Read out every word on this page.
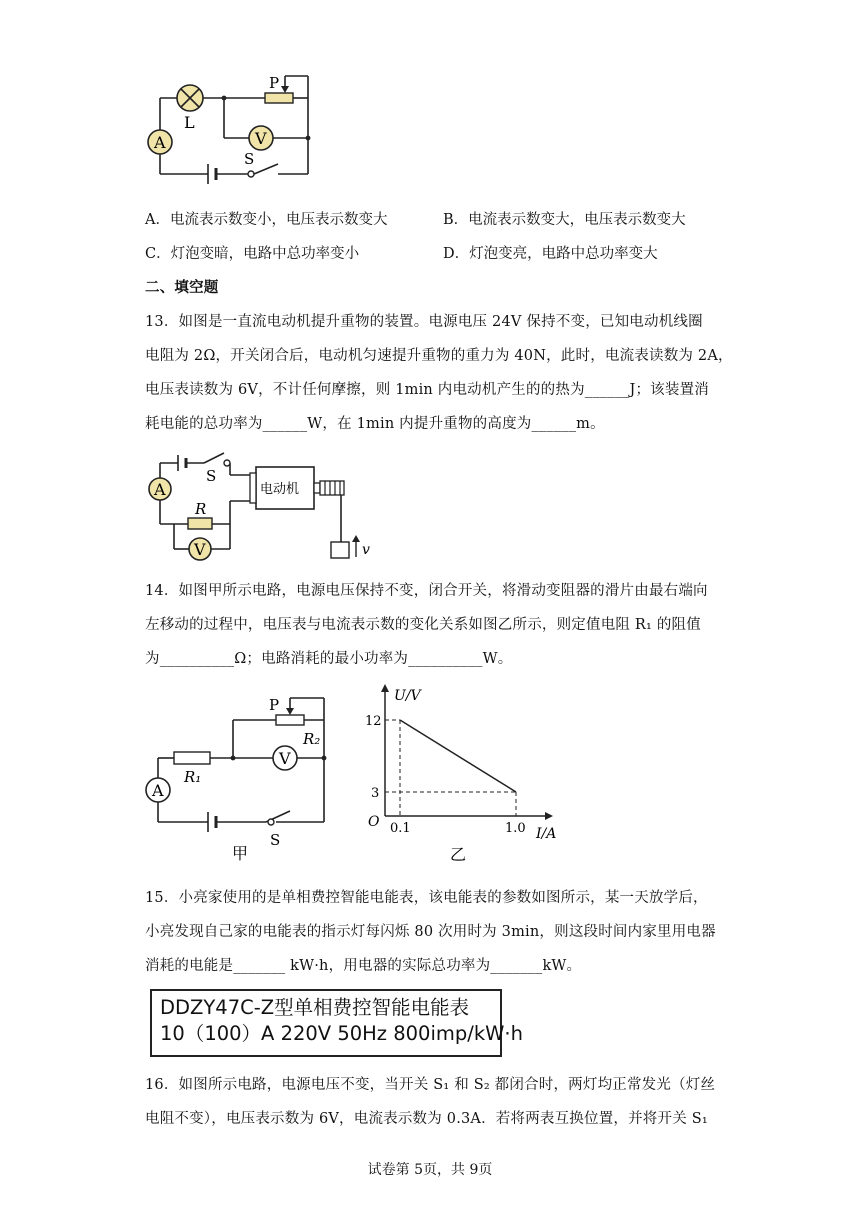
A	V
L
P
S
A．电流表示数变小，电压表示数变大	B．电流表示数变大，电压表示数变大
C．灯泡变暗，电路中总功率变小	D．灯泡变亮，电路中总功率变大
二、填空题
13．如图是一直流电动机提升重物的装置。电源电压 24V 保持不变，已知电动机线圈
电阻为 2Ω，开关闭合后，电动机匀速提升重物的重力为 40N，此时，电流表读数为 2A，
电压表读数为 6V，不计任何摩擦，则 1min 内电动机产生的的热为______J；该装置消
耗电能的总功率为______W，在 1min 内提升重物的高度为______m。
电动机
S
A
R
V	v
14．如图甲所示电路，电源电压保持不变，闭合开关，将滑动变阻器的滑片由最右端向
左移动的过程中，电压表与电流表示数的变化关系如图乙所示，则定值电阻 R₁ 的阻值
为__________Ω；电路消耗的最小功率为__________W。
P
R₂
R₁
A
V
S
甲
U/V
I/A
O
12
3
0.1	1.0
乙
15．小亮家使用的是单相费控智能电能表，该电能表的参数如图所示，某一天放学后，
小亮发现自己家的电能表的指示灯每闪烁 80 次用时为 3min，则这段时间内家里用电器
消耗的电能是_______ kW·h，用电器的实际总功率为_______kW。
DDZY47C-Z型单相费控智能电能表
10（100）A 220V 50Hz 800imp/kW·h
16．如图所示电路，电源电压不变，当开关 S₁ 和 S₂ 都闭合时，两灯均正常发光（灯丝
电阻不变），电压表示数为 6V，电流表示数为 0.3A．若将两表互换位置，并将开关 S₁
试卷第 5页，共 9页
